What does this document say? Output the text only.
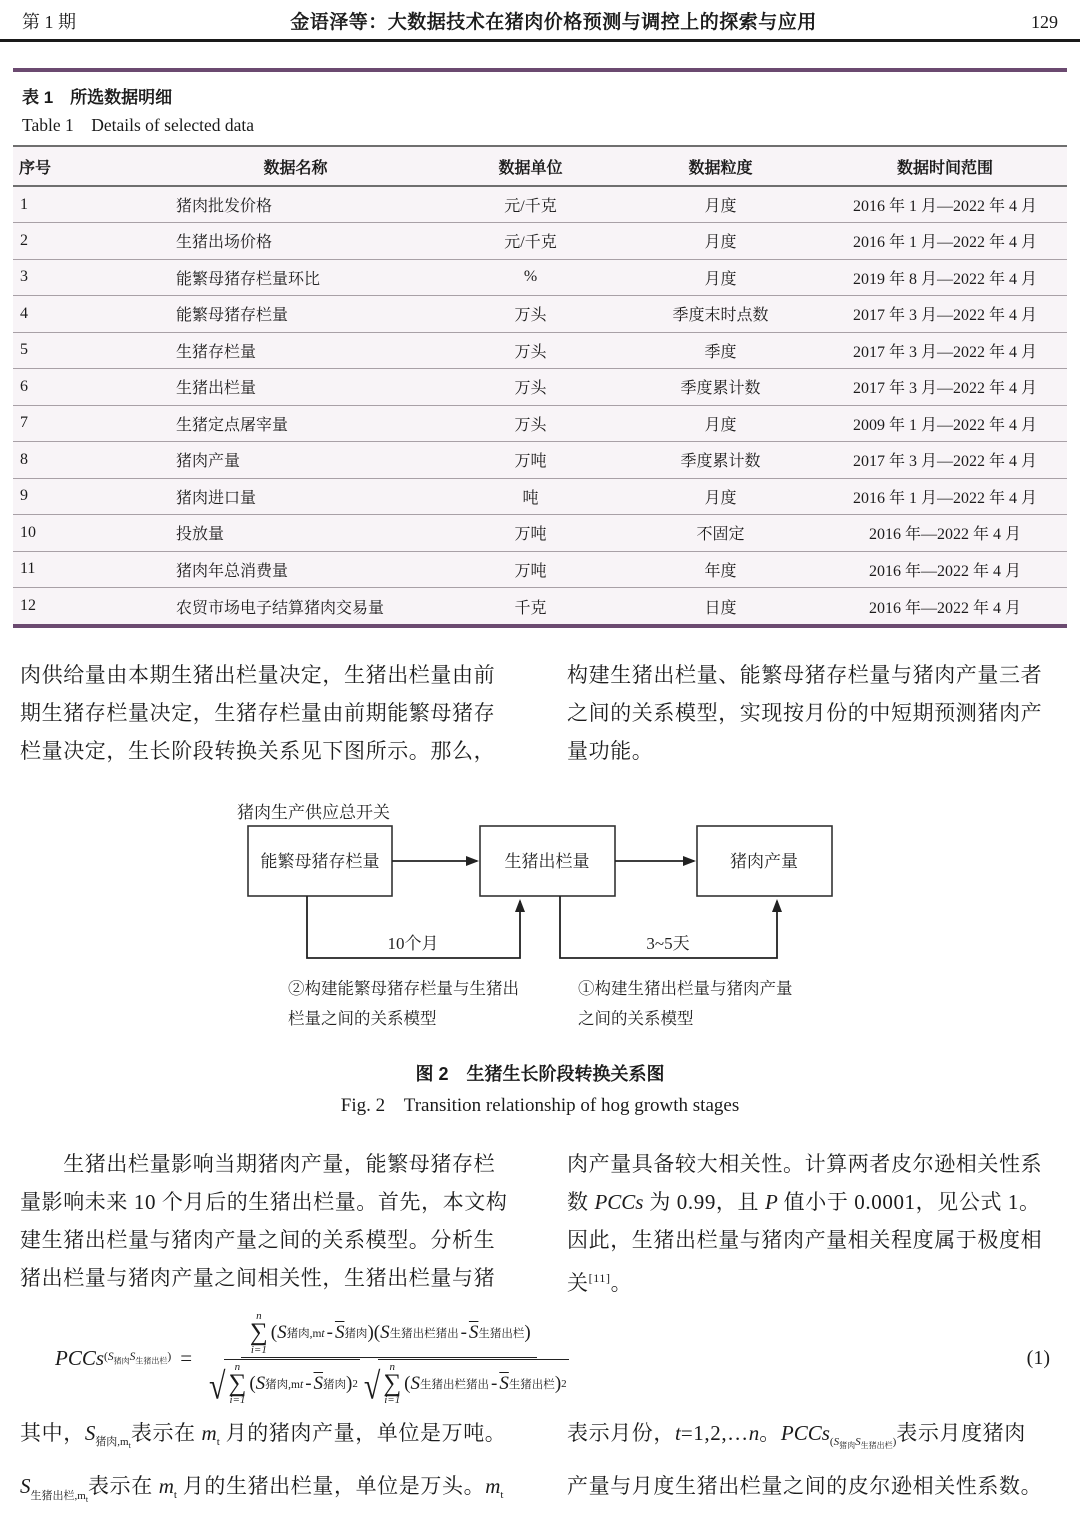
第 1 期	金语泽等：大数据技术在猪肉价格预测与调控上的探索与应用	129
表 1　所选数据明细
Table 1    Details of selected data
序号	数据名称	数据单位	数据粒度	数据时间范围
1	猪肉批发价格	元/千克	月度	2016 年 1 月—2022 年 4 月
2	生猪出场价格	元/千克	月度	2016 年 1 月—2022 年 4 月
3	能繁母猪存栏量环比	%	月度	2019 年 8 月—2022 年 4 月
4	能繁母猪存栏量	万头	季度末时点数	2017 年 3 月—2022 年 4 月
5	生猪存栏量	万头	季度	2017 年 3 月—2022 年 4 月
6	生猪出栏量	万头	季度累计数	2017 年 3 月—2022 年 4 月
7	生猪定点屠宰量	万头	月度	2009 年 1 月—2022 年 4 月
8	猪肉产量	万吨	季度累计数	2017 年 3 月—2022 年 4 月
9	猪肉进口量	吨	月度	2016 年 1 月—2022 年 4 月
10	投放量	万吨	不固定	2016 年—2022 年 4 月
11	猪肉年总消费量	万吨	年度	2016 年—2022 年 4 月
12	农贸市场电子结算猪肉交易量	千克	日度	2016 年—2022 年 4 月
肉供给量由本期生猪出栏量决定，生猪出栏量由前
期生猪存栏量决定，生猪存栏量由前期能繁母猪存
栏量决定，生长阶段转换关系见下图所示。那么，
构建生猪出栏量、能繁母猪存栏量与猪肉产量三者
之间的关系模型，实现按月份的中短期预测猪肉产
量功能。
猪肉生产供应总开关
能繁母猪存栏量	生猪出栏量	猪肉产量
10个月	3~5天
②构建能繁母猪存栏量与生猪出
栏量之间的关系模型
①构建生猪出栏量与猪肉产量
之间的关系模型
图 2　生猪生长阶段转换关系图
Fig. 2    Transition relationship of hog growth stages
　　生猪出栏量影响当期猪肉产量，能繁母猪存栏
量影响未来 10 个月后的生猪出栏量。首先，本文构
建生猪出栏量与猪肉产量之间的关系模型。分析生
猪出栏量与猪肉产量之间相关性，生猪出栏量与猪
肉产量具备较大相关性。计算两者皮尔逊相关性系
数 PCCs 为 0.99，且 P 值小于 0.0001，见公式 1。
因此，生猪出栏量与猪肉产量相关程度属于极度相
关[11]。
PCCs $(S_{猪肉}S_{生猪出栏}) = n$
∑
i=1
( S 猪肉,mt - $\overline{S}$ 猪肉 ) ( S 生猪出栏猪出 - $\overline{S}$ 生猪出栏 )
√ n
∑
i=1
( S 猪肉,mt - $\overline{S}$ 猪肉 ) 2 √ n
∑
i=1
( S 生猪出栏猪出 - $\overline{S}$ 生猪出栏 ) 2	(1)
其中，$S_{猪肉,m_t}$表示在 $m_t$ 月的猪肉产量，单位是万吨。
$S_{生猪出栏,m_t}$表示在 $m_t$ 月的生猪出栏量，单位是万头。$m_t$
表示月份，t=1,2,…n。PCCs$_{(S_{猪肉}S_{生猪出栏})}$表示月度猪肉
产量与月度生猪出栏量之间的皮尔逊相关性系数。
